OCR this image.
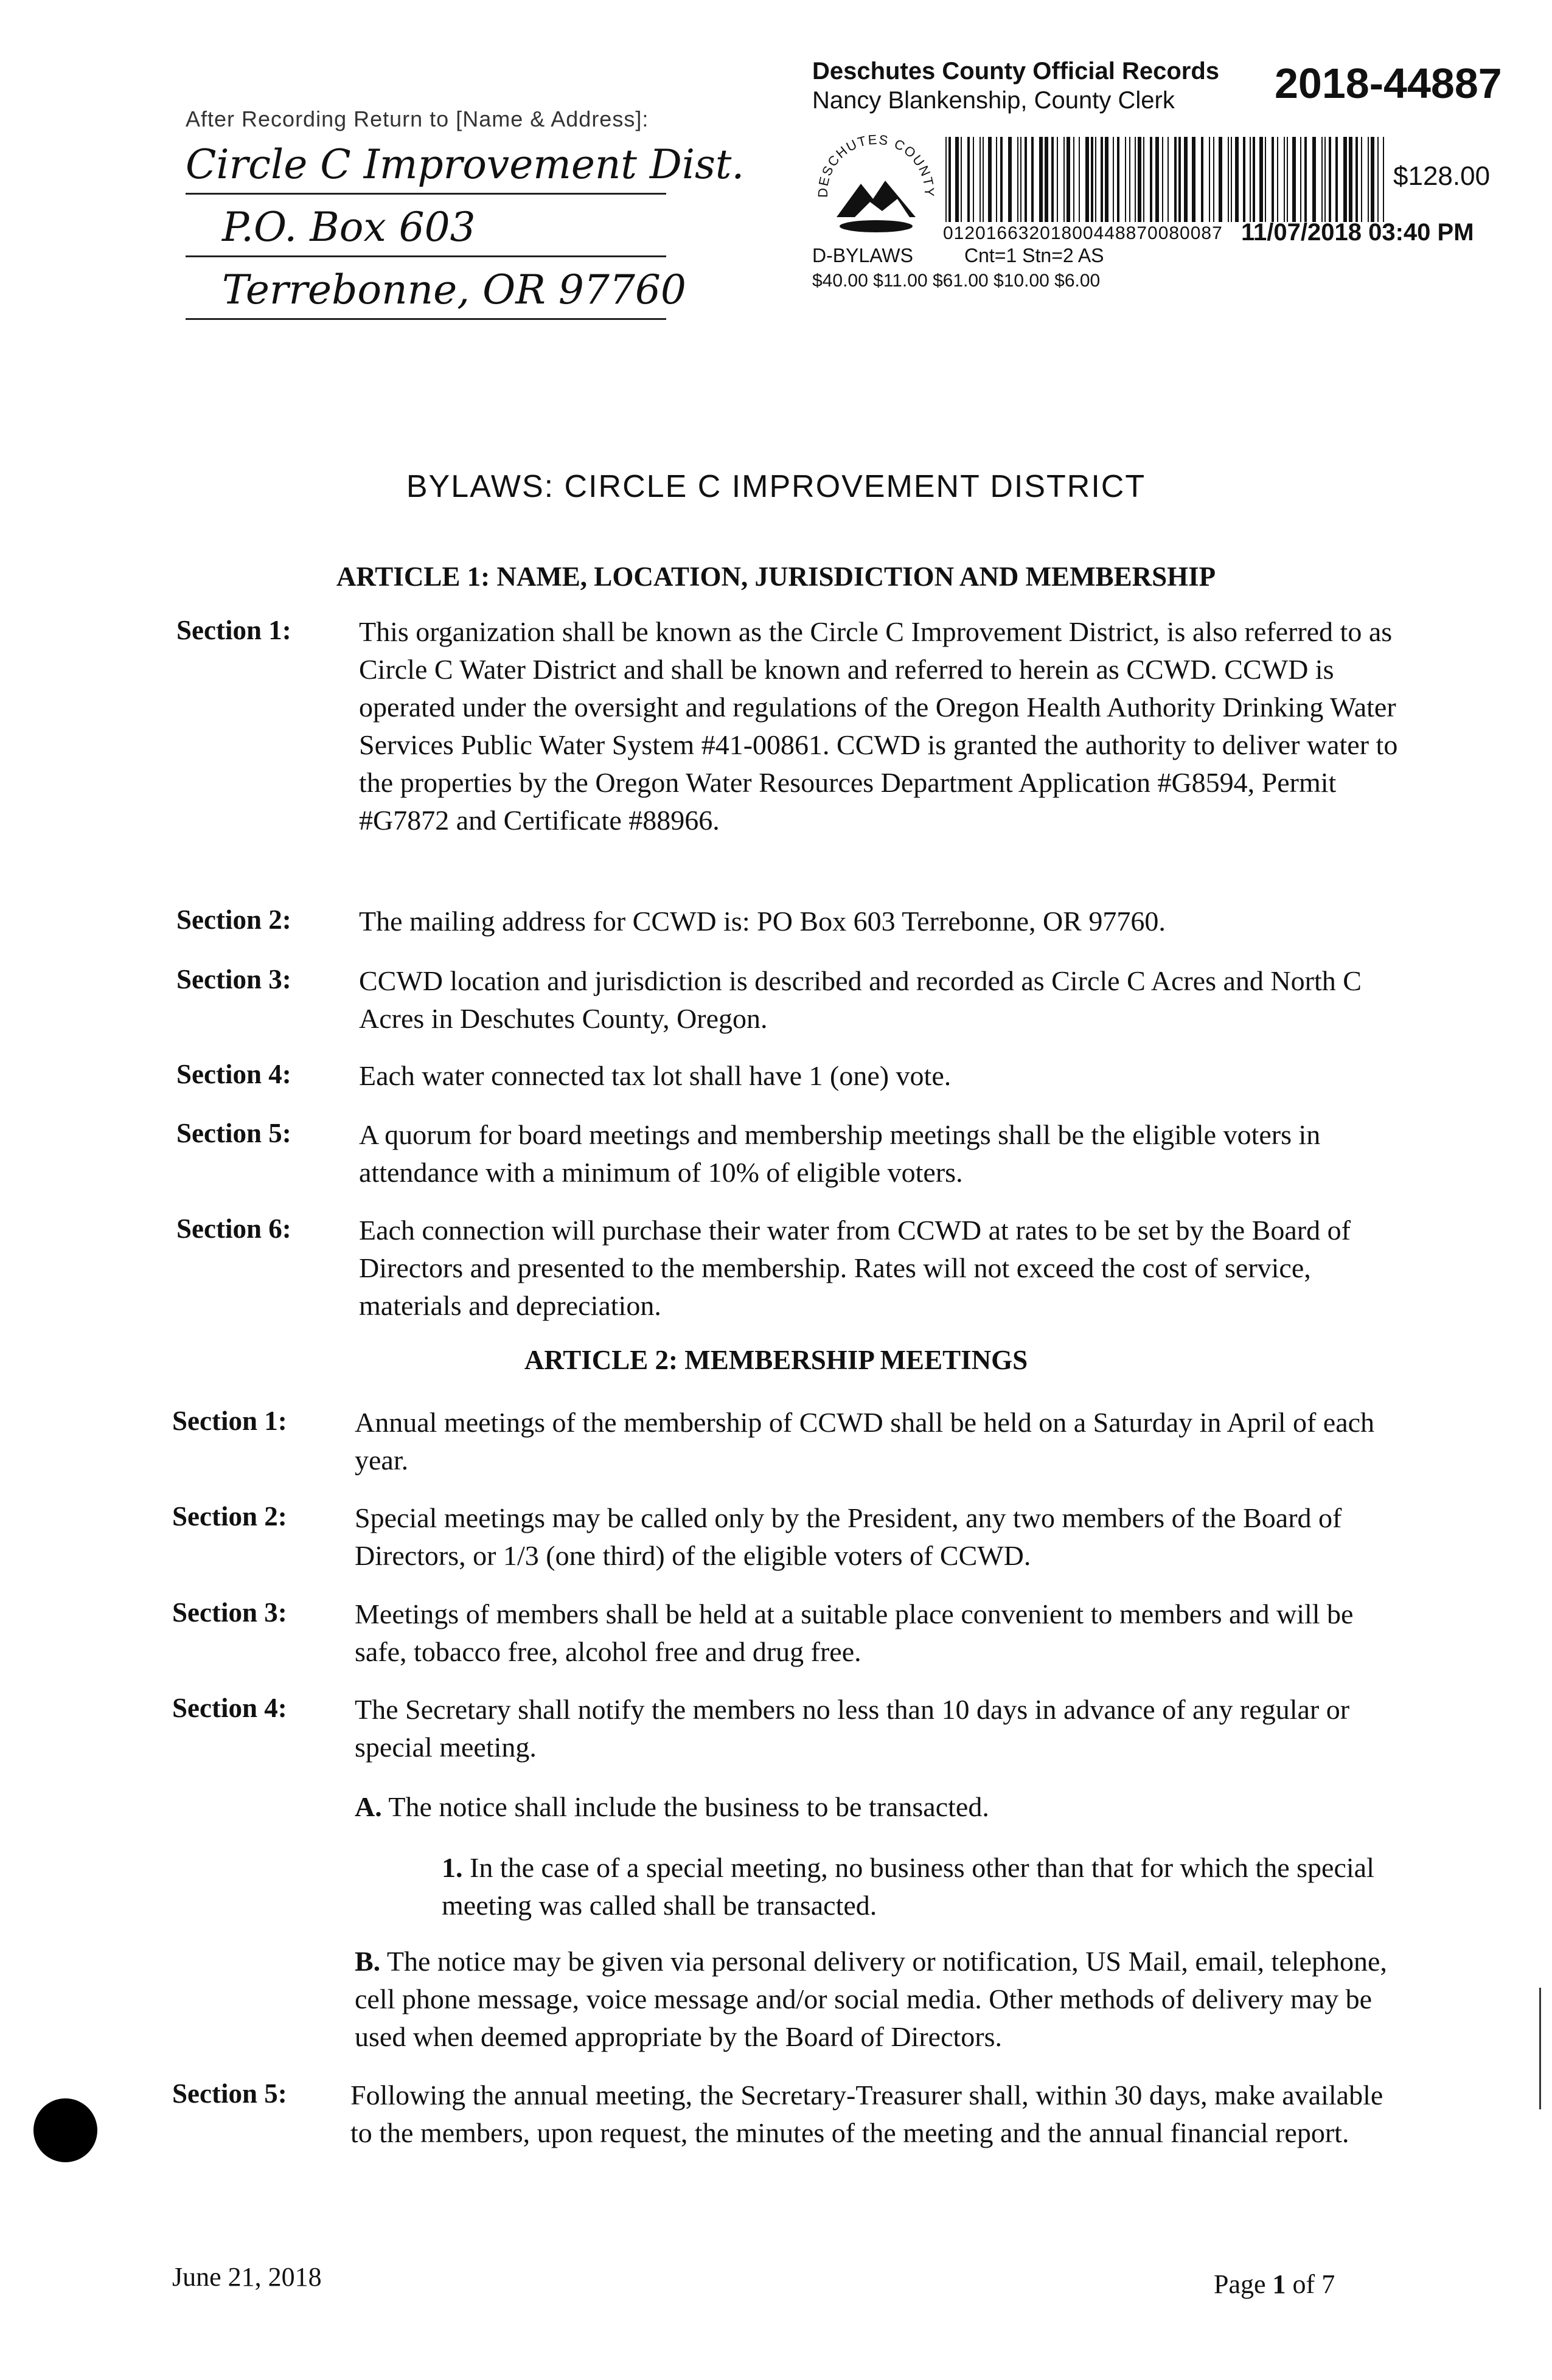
After Recording Return to [Name & Address]:
Circle C Improvement Dist.
P.O. Box 603
Terrebonne, OR 97760
Deschutes County Official Records
Nancy Blankenship, County Clerk 2018-44887
DESCHUTES COUNTY
01201663201800448870080087
$128.00
11/07/2018 03:40 PM
D-BYLAWS	Cnt=1 Stn=2 AS
$40.00 $11.00 $61.00 $10.00 $6.00
BYLAWS: CIRCLE C IMPROVEMENT DISTRICT
ARTICLE 1: NAME, LOCATION, JURISDICTION AND MEMBERSHIP
Section 1: This organization shall be known as the Circle C Improvement District, is also referred to as Circle C Water District and shall be known and referred to herein as CCWD. CCWD is operated under the oversight and regulations of the Oregon Health Authority Drinking Water Services Public Water System #41-00861. CCWD is granted the authority to deliver water to the properties by the Oregon Water Resources Department Application #G8594, Permit #G7872 and Certificate #88966.
Section 2: The mailing address for CCWD is: PO Box 603 Terrebonne, OR 97760.
Section 3: CCWD location and jurisdiction is described and recorded as Circle C Acres and North C Acres in Deschutes County, Oregon.
Section 4: Each water connected tax lot shall have 1 (one) vote.
Section 5: A quorum for board meetings and membership meetings shall be the eligible voters in attendance with a minimum of 10% of eligible voters.
Section 6: Each connection will purchase their water from CCWD at rates to be set by the Board of Directors and presented to the membership. Rates will not exceed the cost of service, materials and depreciation.
ARTICLE 2: MEMBERSHIP MEETINGS
Section 1: Annual meetings of the membership of CCWD shall be held on a Saturday in April of each year.
Section 2: Special meetings may be called only by the President, any two members of the Board of Directors, or 1/3 (one third) of the eligible voters of CCWD.
Section 3: Meetings of members shall be held at a suitable place convenient to members and will be safe, tobacco free, alcohol free and drug free.
Section 4: The Secretary shall notify the members no less than 10 days in advance of any regular or special meeting.
A. The notice shall include the business to be transacted.
1. In the case of a special meeting, no business other than that for which the special meeting was called shall be transacted.
B. The notice may be given via personal delivery or notification, US Mail, email, telephone, cell phone message, voice message and/or social media. Other methods of delivery may be used when deemed appropriate by the Board of Directors.
Section 5: Following the annual meeting, the Secretary-Treasurer shall, within 30 days, make available to the members, upon request, the minutes of the meeting and the annual financial report.
June 21, 2018	Page 1 of 7
